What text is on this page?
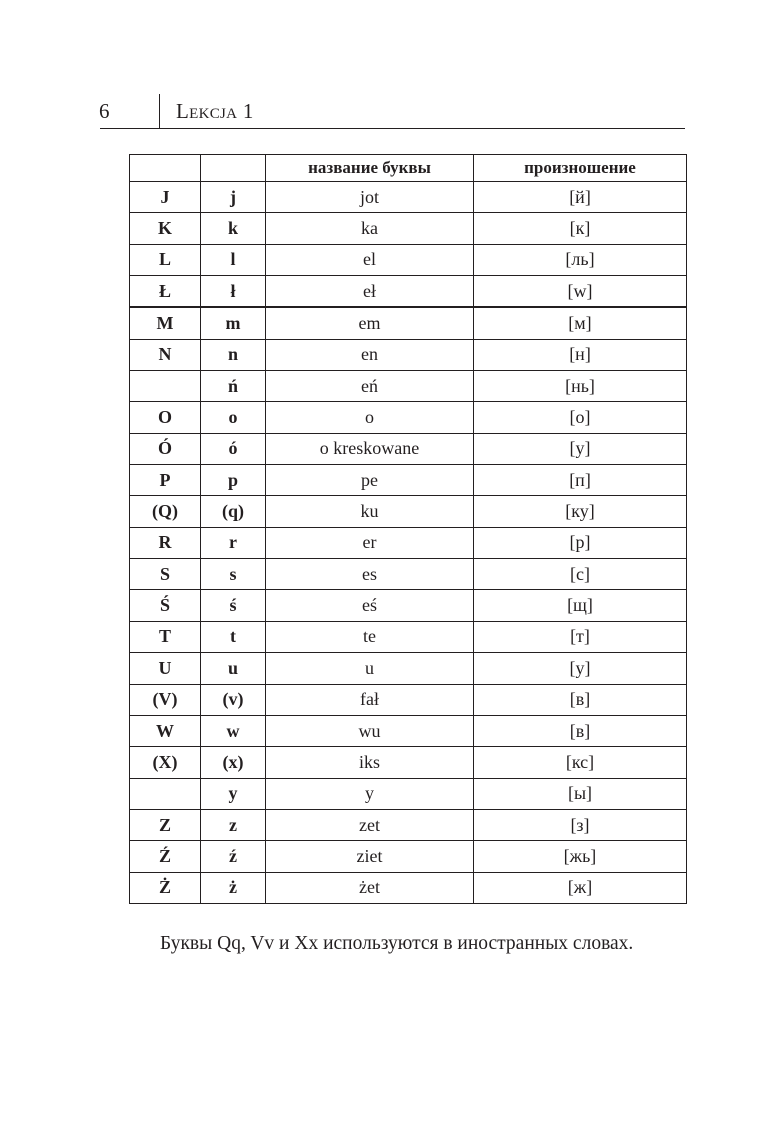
6	Lekcja 1
		название буквы	произношение
J	j	jot	[й]
K	k	ka	[к]
L	l	el	[ль]
Ł	ł	eł	[w]
M	m	em	[м]
N	n	en	[н]
	ń	eń	[нь]
O	o	o	[о]
Ó	ó	o kreskowane	[у]
P	p	pe	[п]
(Q)	(q)	ku	[ку]
R	r	er	[р]
S	s	es	[с]
Ś	ś	eś	[щ]
T	t	te	[т]
U	u	u	[у]
(V)	(v)	fał	[в]
W	w	wu	[в]
(X)	(x)	iks	[кс]
	y	y	[ы]
Z	z	zet	[з]
Ź	ź	ziet	[жь]
Ż	ż	żet	[ж]
Буквы Qq, Vv и Xx используются в иностранных словах.
